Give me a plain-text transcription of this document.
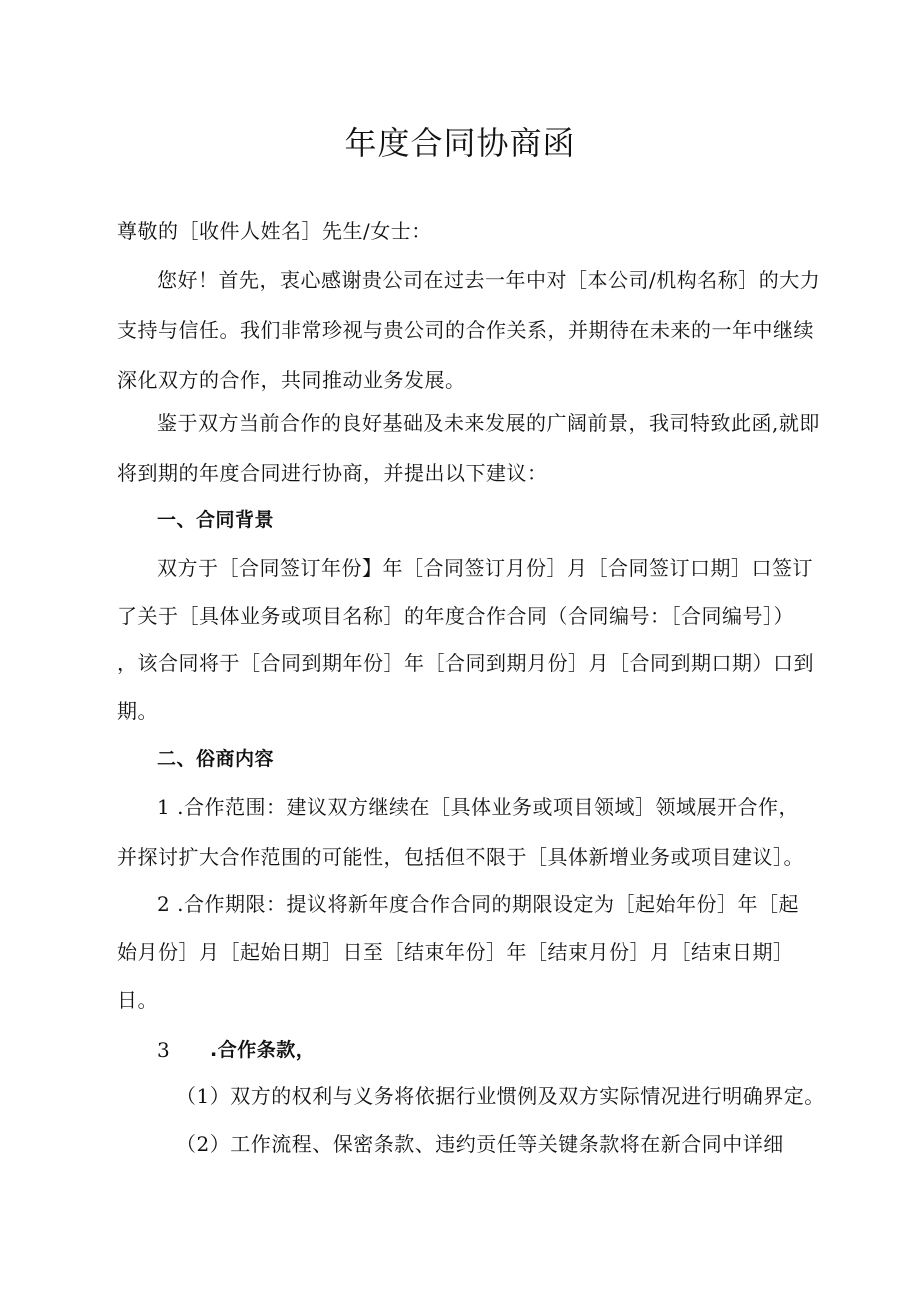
年度合同协商函
尊敬的［收件人姓名］先生/女士：
您好！首先，衷心感谢贵公司在过去一年中对［本公司/机构名称］的大力
支持与信任。我们非常珍视与贵公司的合作关系，并期待在未来的一年中继续
深化双方的合作，共同推动业务发展。
鉴于双方当前合作的良好基础及未来发展的广阔前景，我司特致此函,就即
将到期的年度合同进行协商，并提出以下建议：
一、合同背景
双方于［合同签订年份】年［合同签订月份］月［合同签订口期］口签订
了关于［具体业务或项目名称］的年度合作合同（合同编号：［合同编号］）
，该合同将于［合同到期年份］年［合同到期月份］月［合同到期口期）口到
期。
二、俗商内容
1 .合作范围：建议双方继续在［具体业务或项目领域］领域展开合作，
并探讨扩大合作范围的可能性，包括但不限于［具体新增业务或项目建议］。
2 .合作期限：提议将新年度合作合同的期限设定为［起始年份］年［起
始月份］月［起始日期］日至［结束年份］年［结束月份］月［结束日期］
日。
3 .合作条款，
（1）双方的权利与义务将依据行业惯例及双方实际情况进行明确界定。
（2）工作流程、保密条款、违约贡任等关键条款将在新合同中详细
